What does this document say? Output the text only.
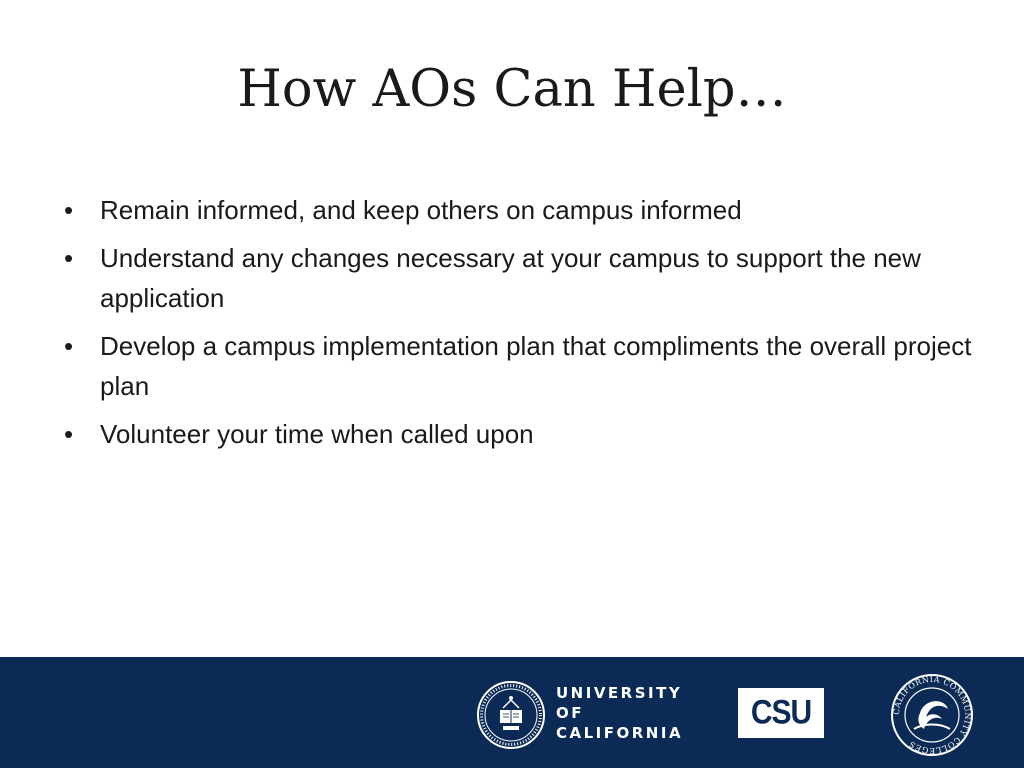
How AOs Can Help…
• Remain informed, and keep others on campus informed
• Understand any changes necessary at your campus to support the new application
• Develop a campus implementation plan that compliments the overall project plan
• Volunteer your time when called upon
UNIVERSITY
OF
CALIFORNIA
CSU	CALIFORNIA COMMUNITY COLLEGES
